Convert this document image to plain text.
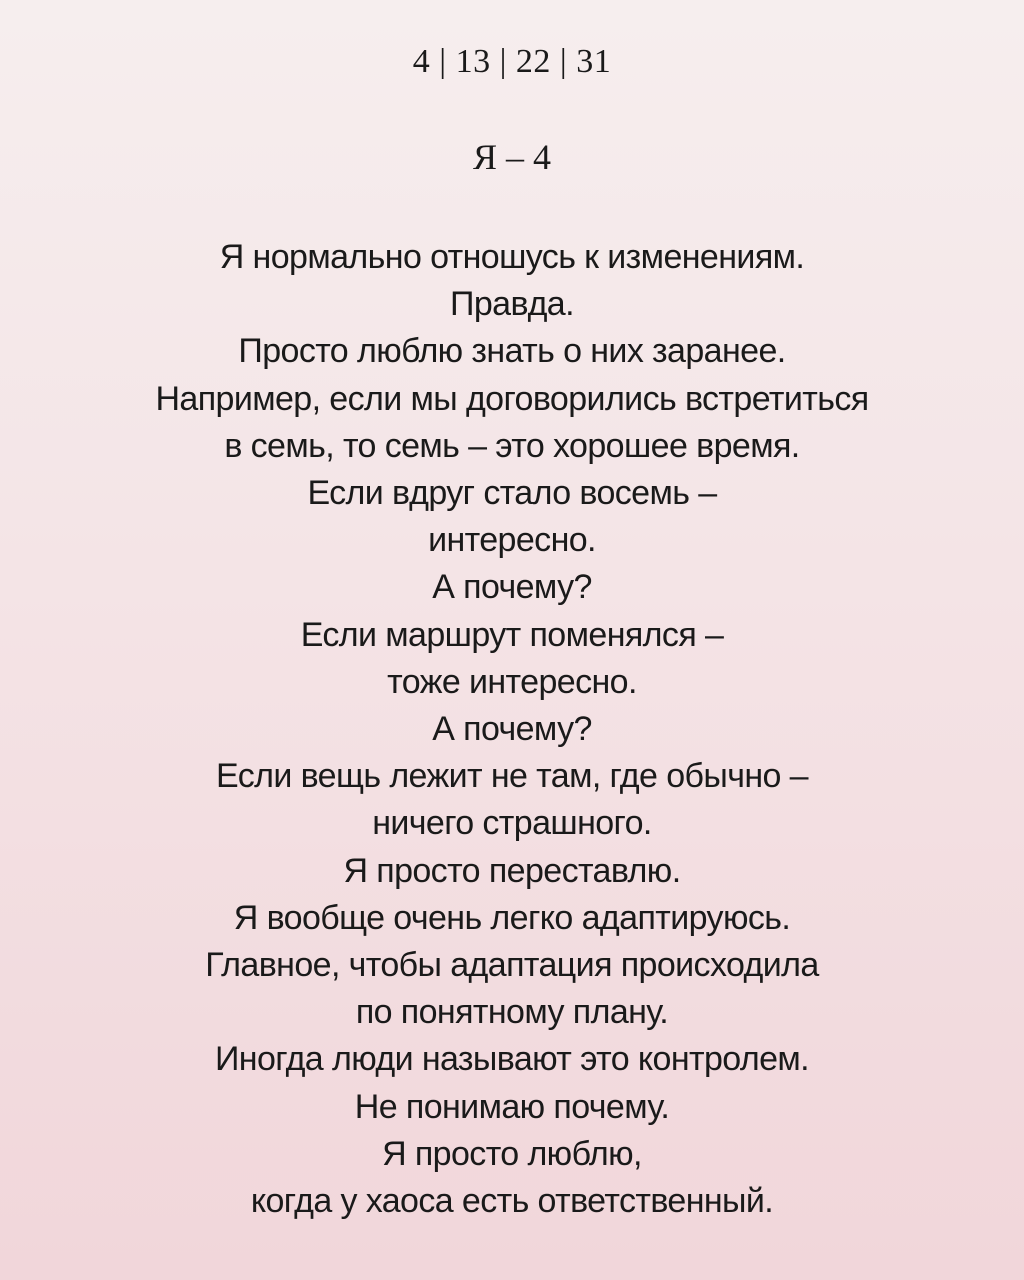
4 | 13 | 22 | 31
Я – 4
Я нормально отношусь к изменениям.
Правда.
Просто люблю знать о них заранее.
Например, если мы договорились встретиться
в семь, то семь – это хорошее время.
Если вдруг стало восемь –
интересно.
А почему?
Если маршрут поменялся –
тоже интересно.
А почему?
Если вещь лежит не там, где обычно –
ничего страшного.
Я просто переставлю.
Я вообще очень легко адаптируюсь.
Главное, чтобы адаптация происходила
по понятному плану.
Иногда люди называют это контролем.
Не понимаю почему.
Я просто люблю,
когда у хаоса есть ответственный.
